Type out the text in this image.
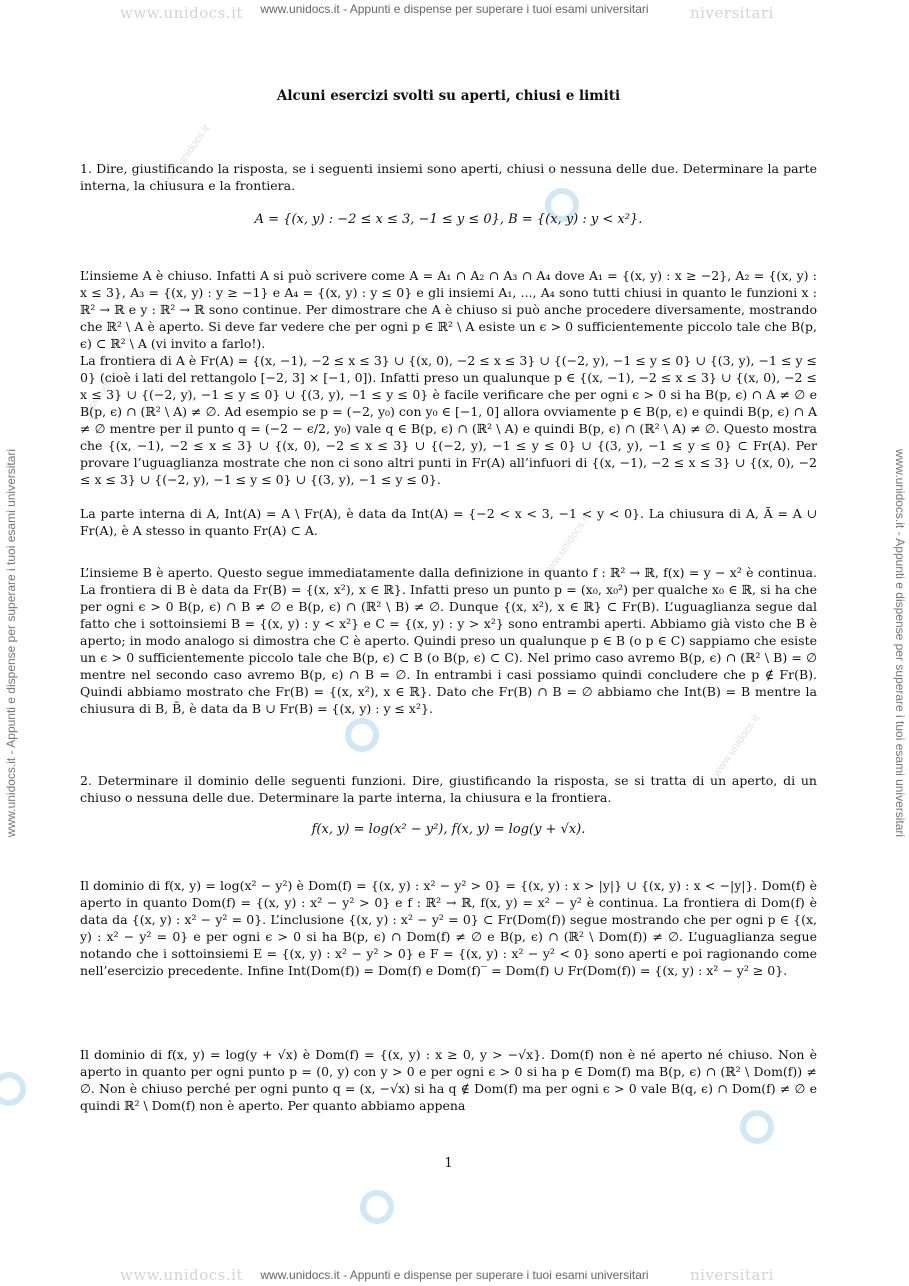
www.unidocs.it - Appunti e dispense per superare i tuoi esami universitari
www.unidocs.it - Appunti e dispense per superare i tuoi esami universitari
www.unidocs.it - Appunti e dispense per superare i tuoi esami universitari	www.unidocs.it - Appunti e dispense per superare i tuoi esami universitari
www.unidocs.it	niversitari
www.unidocs.it	niversitari
www.unidocs.it
www.unidocs.it
www.unidocs.it
www.unidocs.it
Alcuni esercizi svolti su aperti, chiusi e limiti
1. Dire, giustificando la risposta, se i seguenti insiemi sono aperti, chiusi o nessuna delle due. Determinare la parte interna, la chiusura e la frontiera.
A = {(x, y) : −2 ≤ x ≤ 3, −1 ≤ y ≤ 0}, B = {(x, y) : y < x²}.
L’insieme A è chiuso. Infatti A si può scrivere come A = A₁ ∩ A₂ ∩ A₃ ∩ A₄ dove A₁ = {(x, y) : x ≥ −2}, A₂ = {(x, y) : x ≤ 3}, A₃ = {(x, y) : y ≥ −1} e A₄ = {(x, y) : y ≤ 0} e gli insiemi A₁, ..., A₄ sono tutti chiusi in quanto le funzioni x : ℝ² → ℝ e y : ℝ² → ℝ sono continue. Per dimostrare che A è chiuso si può anche procedere diversamente, mostrando che ℝ² \ A è aperto. Si deve far vedere che per ogni p ∈ ℝ² \ A esiste un ϵ > 0 sufficientemente piccolo tale che B(p, ϵ) ⊂ ℝ² \ A (vi invito a farlo!).
La frontiera di A è Fr(A) = {(x, −1), −2 ≤ x ≤ 3} ∪ {(x, 0), −2 ≤ x ≤ 3} ∪ {(−2, y), −1 ≤ y ≤ 0} ∪ {(3, y), −1 ≤ y ≤ 0} (cioè i lati del rettangolo [−2, 3] × [−1, 0]). Infatti preso un qualunque p ∈ {(x, −1), −2 ≤ x ≤ 3} ∪ {(x, 0), −2 ≤ x ≤ 3} ∪ {(−2, y), −1 ≤ y ≤ 0} ∪ {(3, y), −1 ≤ y ≤ 0} è facile verificare che per ogni ϵ > 0 si ha B(p, ϵ) ∩ A ≠ ∅ e B(p, ϵ) ∩ (ℝ² \ A) ≠ ∅. Ad esempio se p = (−2, y₀) con y₀ ∈ [−1, 0] allora ovviamente p ∈ B(p, ϵ) e quindi B(p, ϵ) ∩ A ≠ ∅ mentre per il punto q = (−2 − ϵ/2, y₀) vale q ∈ B(p, ϵ) ∩ (ℝ² \ A) e quindi B(p, ϵ) ∩ (ℝ² \ A) ≠ ∅. Questo mostra che {(x, −1), −2 ≤ x ≤ 3} ∪ {(x, 0), −2 ≤ x ≤ 3} ∪ {(−2, y), −1 ≤ y ≤ 0} ∪ {(3, y), −1 ≤ y ≤ 0} ⊂ Fr(A). Per provare l’uguaglianza mostrate che non ci sono altri punti in Fr(A) all’infuori di {(x, −1), −2 ≤ x ≤ 3} ∪ {(x, 0), −2 ≤ x ≤ 3} ∪ {(−2, y), −1 ≤ y ≤ 0} ∪ {(3, y), −1 ≤ y ≤ 0}.
La parte interna di A, Int(A) = A \ Fr(A), è data da Int(A) = {−2 < x < 3, −1 < y < 0}. La chiusura di A, Ā = A ∪ Fr(A), è A stesso in quanto Fr(A) ⊂ A.
L’insieme B è aperto. Questo segue immediatamente dalla definizione in quanto f : ℝ² → ℝ, f(x) = y − x² è continua. La frontiera di B è data da Fr(B) = {(x, x²), x ∈ ℝ}. Infatti preso un punto p = (x₀, x₀²) per qualche x₀ ∈ ℝ, si ha che per ogni ϵ > 0 B(p, ϵ) ∩ B ≠ ∅ e B(p, ϵ) ∩ (ℝ² \ B) ≠ ∅. Dunque {(x, x²), x ∈ ℝ} ⊂ Fr(B). L’uguaglianza segue dal fatto che i sottoinsiemi B = {(x, y) : y < x²} e C = {(x, y) : y > x²} sono entrambi aperti. Abbiamo già visto che B è aperto; in modo analogo si dimostra che C è aperto. Quindi preso un qualunque p ∈ B (o p ∈ C) sappiamo che esiste un ϵ > 0 sufficientemente piccolo tale che B(p, ϵ) ⊂ B (o B(p, ϵ) ⊂ C). Nel primo caso avremo B(p, ϵ) ∩ (ℝ² \ B) = ∅ mentre nel secondo caso avremo B(p, ϵ) ∩ B = ∅. In entrambi i casi possiamo quindi concludere che p ∉ Fr(B). Quindi abbiamo mostrato che Fr(B) = {(x, x²), x ∈ ℝ}. Dato che Fr(B) ∩ B = ∅ abbiamo che Int(B) = B mentre la chiusura di B, B̄, è data da B ∪ Fr(B) = {(x, y) : y ≤ x²}.
2. Determinare il dominio delle seguenti funzioni. Dire, giustificando la risposta, se si tratta di un aperto, di un chiuso o nessuna delle due. Determinare la parte interna, la chiusura e la frontiera.
f(x, y) = log(x² − y²), f(x, y) = log(y + √x).
Il dominio di f(x, y) = log(x² − y²) è Dom(f) = {(x, y) : x² − y² > 0} = {(x, y) : x > |y|} ∪ {(x, y) : x < −|y|}. Dom(f) è aperto in quanto Dom(f) = {(x, y) : x² − y² > 0} e f : ℝ² → ℝ, f(x, y) = x² − y² è continua. La frontiera di Dom(f) è data da {(x, y) : x² − y² = 0}. L’inclusione {(x, y) : x² − y² = 0} ⊂ Fr(Dom(f)) segue mostrando che per ogni p ∈ {(x, y) : x² − y² = 0} e per ogni ϵ > 0 si ha B(p, ϵ) ∩ Dom(f) ≠ ∅ e B(p, ϵ) ∩ (ℝ² \ Dom(f)) ≠ ∅. L’uguaglianza segue notando che i sottoinsiemi E = {(x, y) : x² − y² > 0} e F = {(x, y) : x² − y² < 0} sono aperti e poi ragionando come nell’esercizio precedente. Infine Int(Dom(f)) = Dom(f) e Dom(f)‾ = Dom(f) ∪ Fr(Dom(f)) = {(x, y) : x² − y² ≥ 0}.
Il dominio di f(x, y) = log(y + √x) è Dom(f) = {(x, y) : x ≥ 0, y > −√x}. Dom(f) non è né aperto né chiuso. Non è aperto in quanto per ogni punto p = (0, y) con y > 0 e per ogni ϵ > 0 si ha p ∈ Dom(f) ma B(p, ϵ) ∩ (ℝ² \ Dom(f)) ≠ ∅. Non è chiuso perché per ogni punto q = (x, −√x) si ha q ∉ Dom(f) ma per ogni ϵ > 0 vale B(q, ϵ) ∩ Dom(f) ≠ ∅ e quindi ℝ² \ Dom(f) non è aperto. Per quanto abbiamo appena
1
